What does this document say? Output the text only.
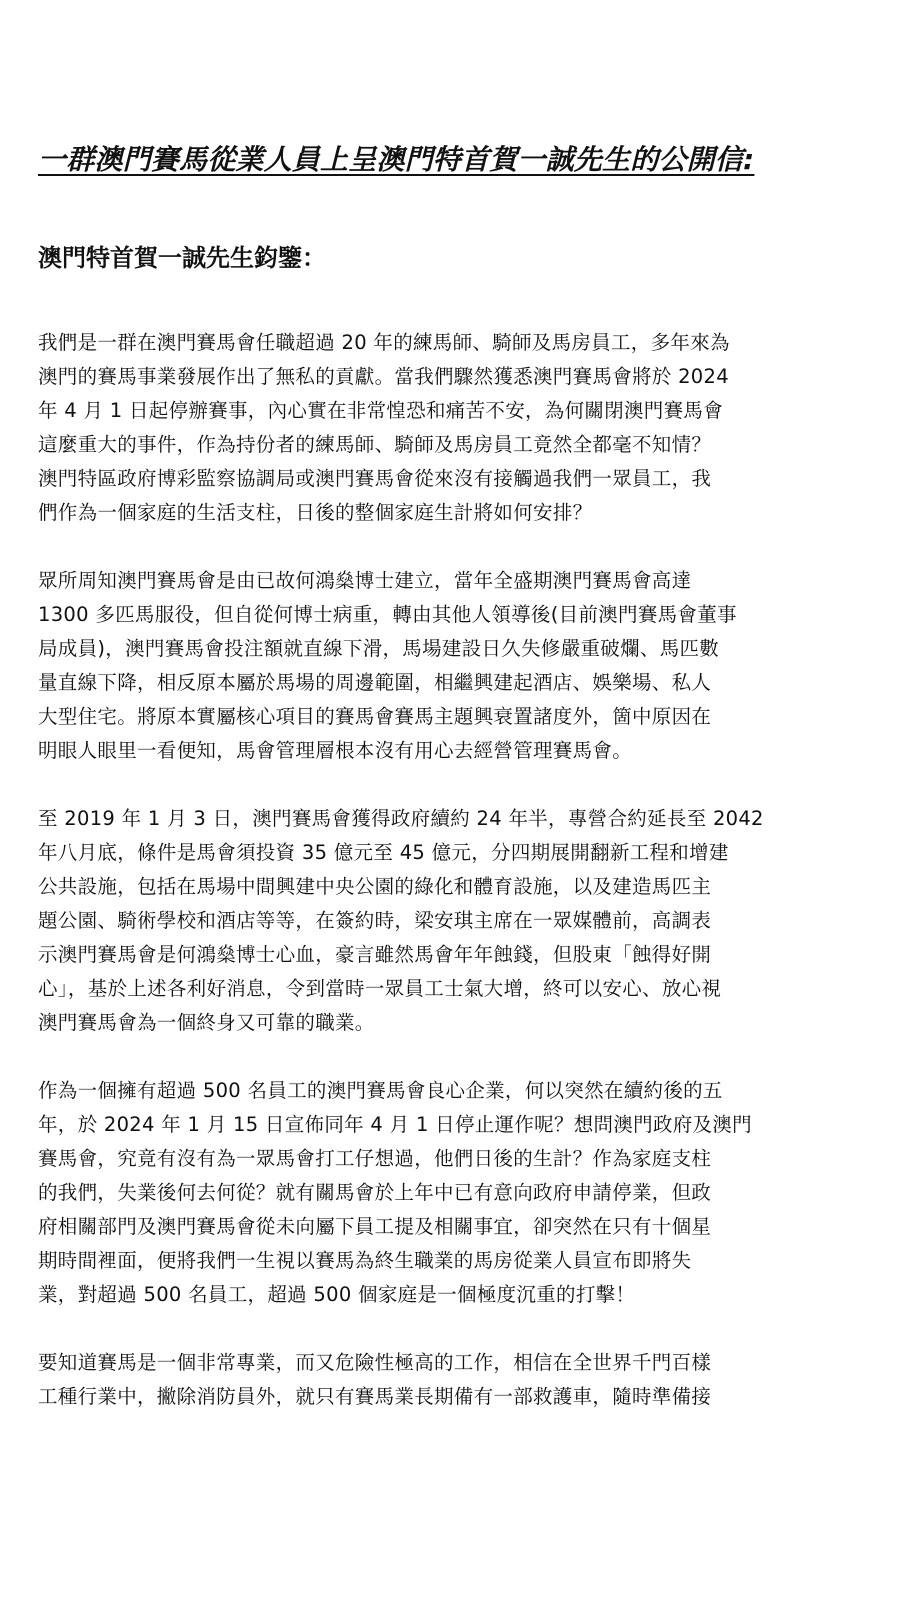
一群澳門賽馬從業人員上呈澳門特首賀一誠先生的公開信:
澳門特首賀一誠先生鈞鑒：
我們是一群在澳門賽馬會任職超過 20 年的練馬師、騎師及馬房員工，多年來為
澳門的賽馬事業發展作出了無私的貢獻。當我們驟然獲悉澳門賽馬會將於 2024
年 4 月 1 日起停辦賽事，內心實在非常惶恐和痛苦不安，為何關閉澳門賽馬會
這麼重大的事件，作為持份者的練馬師、騎師及馬房員工竟然全都毫不知情？
澳門特區政府博彩監察協調局或澳門賽馬會從來沒有接觸過我們一眾員工，我
們作為一個家庭的生活支柱，日後的整個家庭生計將如何安排？
眾所周知澳門賽馬會是由已故何鴻燊博士建立，當年全盛期澳門賽馬會高達
1300 多匹馬服役，但自從何博士病重，轉由其他人領導後(目前澳門賽馬會董事
局成員)，澳門賽馬會投注額就直線下滑，馬場建設日久失修嚴重破爛、馬匹數
量直線下降，相反原本屬於馬場的周邊範圍，相繼興建起酒店、娛樂場、私人
大型住宅。將原本實屬核心項目的賽馬會賽馬主題興衰置諸度外，箇中原因在
明眼人眼里一看便知，馬會管理層根本沒有用心去經營管理賽馬會。
至 2019 年 1 月 3 日，澳門賽馬會獲得政府續約 24 年半，專營合約延長至 2042
年八月底，條件是馬會須投資 35 億元至 45 億元，分四期展開翻新工程和增建
公共設施，包括在馬場中間興建中央公園的綠化和體育設施，以及建造馬匹主
題公園、騎術學校和酒店等等，在簽約時，梁安琪主席在一眾媒體前，高調表
示澳門賽馬會是何鴻燊博士心血，豪言雖然馬會年年蝕錢，但股東「蝕得好開
心」，基於上述各利好消息，令到當時一眾員工士氣大增，終可以安心、放心視
澳門賽馬會為一個終身又可靠的職業。
作為一個擁有超過 500 名員工的澳門賽馬會良心企業，何以突然在續約後的五
年，於 2024 年 1 月 15 日宣佈同年 4 月 1 日停止運作呢？想問澳門政府及澳門
賽馬會，究竟有沒有為一眾馬會打工仔想過，他們日後的生計？作為家庭支柱
的我們，失業後何去何從？就有關馬會於上年中已有意向政府申請停業，但政
府相關部門及澳門賽馬會從未向屬下員工提及相關事宜，卻突然在只有十個星
期時間裡面，便將我們一生視以賽馬為終生職業的馬房從業人員宣布即將失
業，對超過 500 名員工，超過 500 個家庭是一個極度沉重的打擊！
要知道賽馬是一個非常專業，而又危險性極高的工作，相信在全世界千門百樣
工種行業中，撇除消防員外，就只有賽馬業長期備有一部救護車，隨時準備接
